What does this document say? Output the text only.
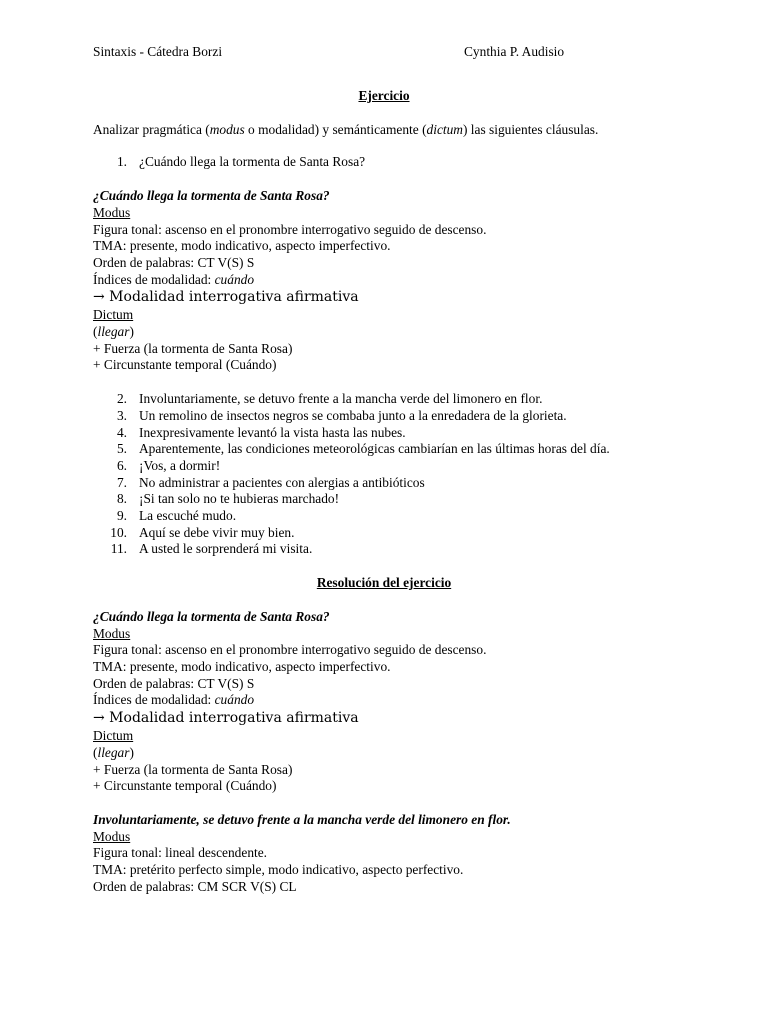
Sintaxis - Cátedra Borzi	Cynthia P. Audisio
Ejercicio
Analizar pragmática (modus o modalidad) y semánticamente (dictum) las siguientes cláusulas.
1. ¿Cuándo llega la tormenta de Santa Rosa?
¿Cuándo llega la tormenta de Santa Rosa?
Modus
Figura tonal: ascenso en el pronombre interrogativo seguido de descenso.
TMA: presente, modo indicativo, aspecto imperfectivo.
Orden de palabras: CT V(S) S
Índices de modalidad: cuándo
→ Modalidad interrogativa afirmativa
Dictum
(llegar)
+ Fuerza (la tormenta de Santa Rosa)
+ Circunstante temporal (Cuándo)
2. Involuntariamente, se detuvo frente a la mancha verde del limonero en flor.
3. Un remolino de insectos negros se combaba junto a la enredadera de la glorieta.
4. Inexpresivamente levantó la vista hasta las nubes.
5. Aparentemente, las condiciones meteorológicas cambiarían en las últimas horas del día.
6. ¡Vos, a dormir!
7. No administrar a pacientes con alergias a antibióticos
8. ¡Si tan solo no te hubieras marchado!
9. La escuché mudo.
10. Aquí se debe vivir muy bien.
11. A usted le sorprenderá mi visita.
Resolución del ejercicio
¿Cuándo llega la tormenta de Santa Rosa?
Modus
Figura tonal: ascenso en el pronombre interrogativo seguido de descenso.
TMA: presente, modo indicativo, aspecto imperfectivo.
Orden de palabras: CT V(S) S
Índices de modalidad: cuándo
→ Modalidad interrogativa afirmativa
Dictum
(llegar)
+ Fuerza (la tormenta de Santa Rosa)
+ Circunstante temporal (Cuándo)
Involuntariamente, se detuvo frente a la mancha verde del limonero en flor.
Modus
Figura tonal: lineal descendente.
TMA: pretérito perfecto simple, modo indicativo, aspecto perfectivo.
Orden de palabras: CM SCR V(S) CL
